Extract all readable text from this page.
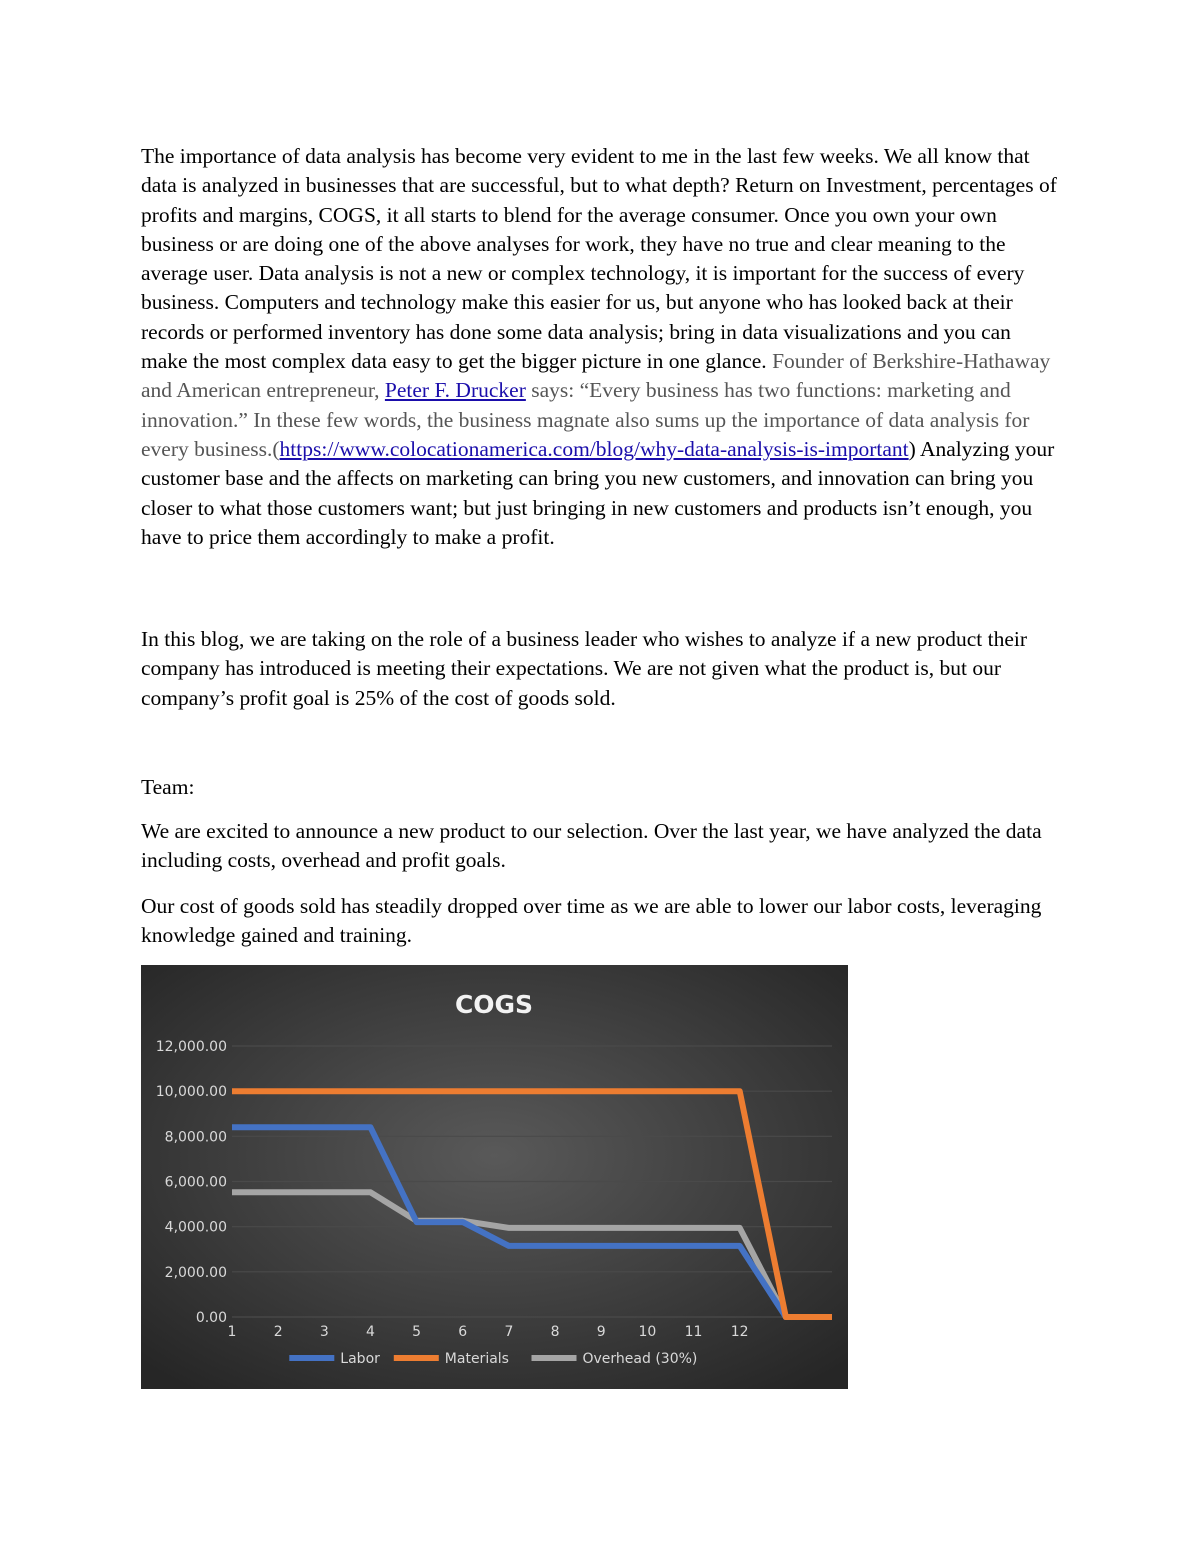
The importance of data analysis has become very evident to me in the last few weeks. We all know that data is analyzed in businesses that are successful, but to what depth? Return on Investment, percentages of profits and margins, COGS, it all starts to blend for the average consumer. Once you own your own business or are doing one of the above analyses for work, they have no true and clear meaning to the average user. Data analysis is not a new or complex technology, it is important for the success of every business. Computers and technology make this easier for us, but anyone who has looked back at their records or performed inventory has done some data analysis; bring in data visualizations and you can make the most complex data easy to get the bigger picture in one glance. Founder of Berkshire-Hathaway and American entrepreneur, Peter F. Drucker says: “Every business has two functions: marketing and innovation.” In these few words, the business magnate also sums up the importance of data analysis for every business.(https://www.colocationamerica.com/blog/why-data-analysis-is-important) Analyzing your customer base and the affects on marketing can bring you new customers, and innovation can bring you closer to what those customers want; but just bringing in new customers and products isn’t enough, you have to price them accordingly to make a profit.

In this blog, we are taking on the role of a business leader who wishes to analyze if a new product their company has introduced is meeting their expectations. We are not given what the product is, but our company’s profit goal is 25% of the cost of goods sold.

Team:

We are excited to announce a new product to our selection. Over the last year, we have analyzed the data including costs, overhead and profit goals.

Our cost of goods sold has steadily dropped over time as we are able to lower our labor costs, leveraging knowledge gained and training.

COGS
0.00
2,000.00
4,000.00
6,000.00
8,000.00
10,000.00
12,000.00
1	2	3	4	5	6	7	8	9 10 11 12
Labor	Materials	Overhead (30%)
